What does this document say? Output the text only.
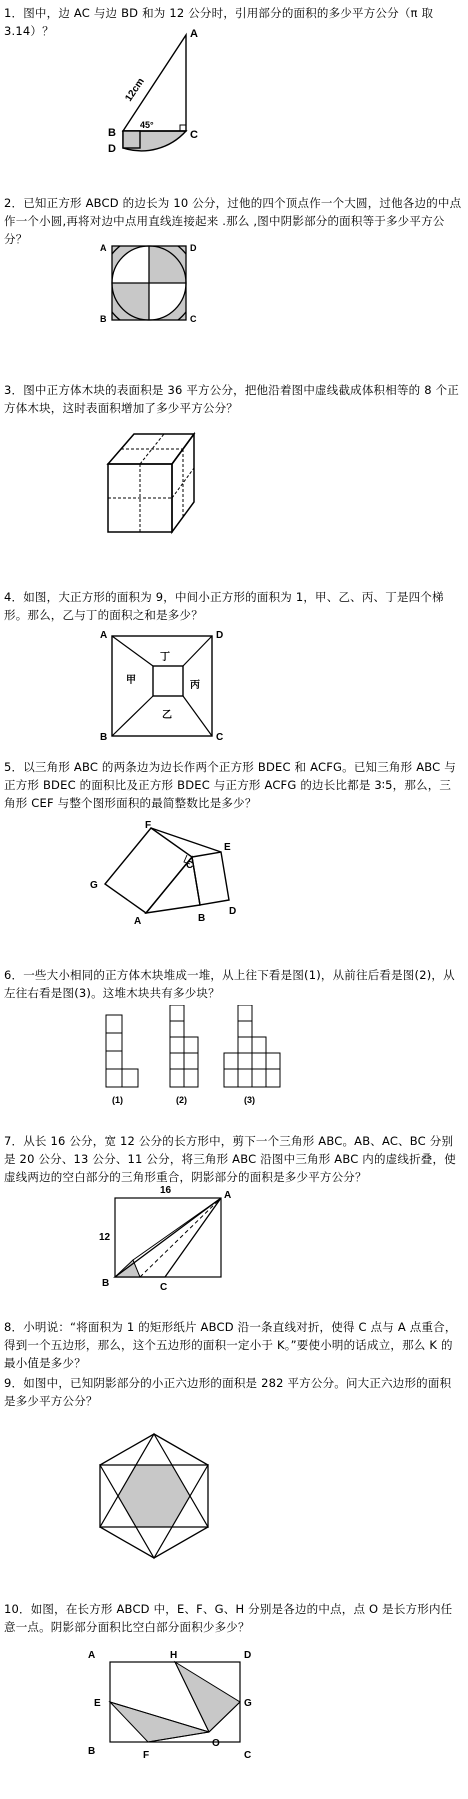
1．图中，边 AC 与边 BD 和为 12 公分时，引用部分的面积的多少平方公分（π 取 3.14）？	A
B	C
D
12cm
45°
2．已知正方形 ABCD 的边长为 10 公分，过他的四个顶点作一个大圆，过他各边的中点作一个小圆,再将对边中点用直线连接起来 .那么 ,图中阴影部分的面积等于多少平方公分？
A
B	C
D
3．图中正方体木块的表面积是 36 平方公分，把他沿着图中虚线截成体积相等的 8 个正方体木块，这时表面积增加了多少平方公分？
4．如图，大正方形的面积为 9，中间小正方形的面积为 1，甲、乙、丙、丁是四个梯形。那么，乙与丁的面积之和是多少？
A
B	C
D
甲
丁
丙
乙
5．以三角形 ABC 的两条边为边长作两个正方形 BDEC 和 ACFG。已知三角形 ABC 与正方形 BDEC 的面积比及正方形 BDEC 与正方形 ACFG 的边长比都是 3∶5，那么，三角形 CEF 与整个图形面积的最简整数比是多少？
G
F
C
E
D
B
A
6．一些大小相同的正方体木块堆成一堆，从上往下看是图(1)，从前往后看是图(2)，从左往右看是图(3)。这堆木块共有多少块？
(1)	(2)	(3)
7．从长 16 公分，宽 12 公分的长方形中，剪下一个三角形 ABC。AB、AC、BC 分别是 20 公分、13 公分、11 公分，将三角形 ABC 沿图中三角形 ABC 内的虚线折叠，使虚线两边的空白部分的三角形重合，阴影部分的面积是多少平方公分？
16
12
A
B	C
8．小明说：“将面积为 1 的矩形纸片 ABCD 沿一条直线对折，使得 C 点与 A 点重合，得到一个五边形，那么，这个五边形的面积一定小于 K。”要使小明的话成立，那么 K 的最小值是多少？
9．如图中，已知阴影部分的小正六边形的面积是 282 平方公分。问大正六边形的面积是多少平方公分？
10．如图，在长方形 ABCD 中，E、F、G、H 分别是各边的中点，点 O 是长方形内任意一点。阴影部分面积比空白部分面积少多少？
A
B	C
D
E
F
G
H
O
